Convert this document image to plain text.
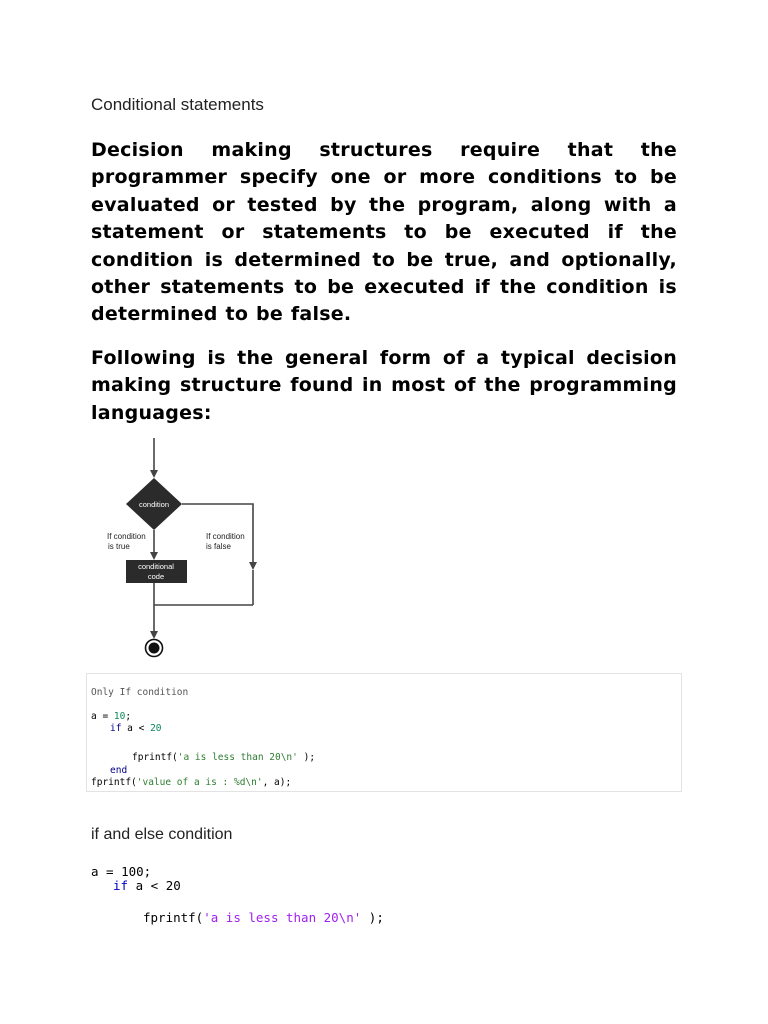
Conditional statements

Decision making structures require that the programmer specify one or more conditions to be evaluated or tested by the program, along with a statement or statements to be executed if the condition is determined to be true, and optionally, other statements to be executed if the condition is determined to be false.

Following is the general form of a typical decision making structure found in most of the programming languages:

condition
If condition
is true
If condition
is false
conditional
code
Only If condition
a = 10;
if a < 20
fprintf('a is less than 20\n' );
end
fprintf('value of a is : %d\n', a);
if and else condition
a = 100;
if a < 20
fprintf('a is less than 20\n' );
